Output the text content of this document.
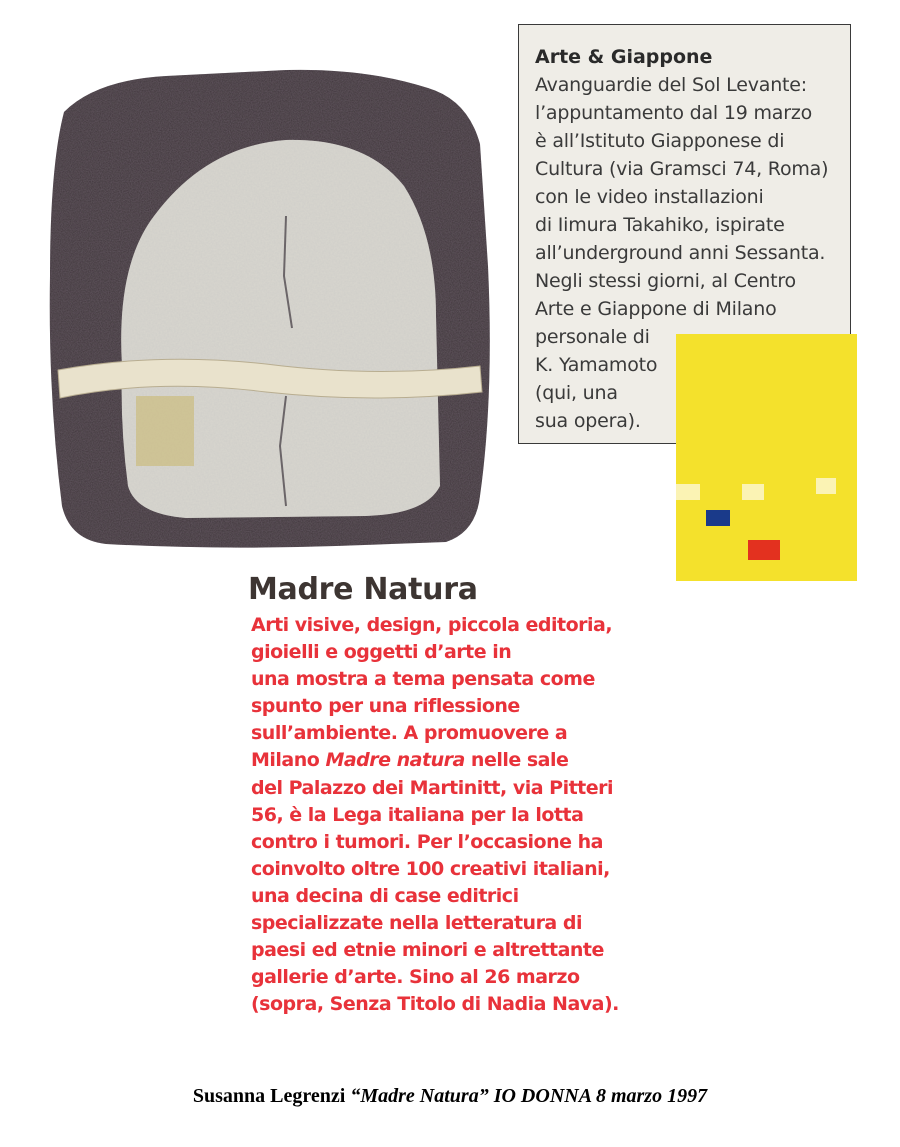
Arte & Giappone
Avanguardie del Sol Levante:
l’appuntamento dal 19 marzo
è all’Istituto Giapponese di
Cultura (via Gramsci 74, Roma)
con le video installazioni
di Iimura Takahiko, ispirate
all’underground anni Sessanta.
Negli stessi giorni, al Centro
Arte e Giappone di Milano
personale di
K. Yamamoto
(qui, una
sua opera).
Madre Natura
Arti visive, design, piccola editoria,
gioielli e oggetti d’arte in
una mostra a tema pensata come
spunto per una riflessione
sull’ambiente. A promuovere a
Milano Madre natura nelle sale
del Palazzo dei Martinitt, via Pitteri
56, è la Lega italiana per la lotta
contro i tumori. Per l’occasione ha
coinvolto oltre 100 creativi italiani,
una decina di case editrici
specializzate nella letteratura di
paesi ed etnie minori e altrettante
gallerie d’arte. Sino al 26 marzo
(sopra, Senza Titolo di Nadia Nava).
Susanna Legrenzi “Madre Natura” IO DONNA 8 marzo 1997
